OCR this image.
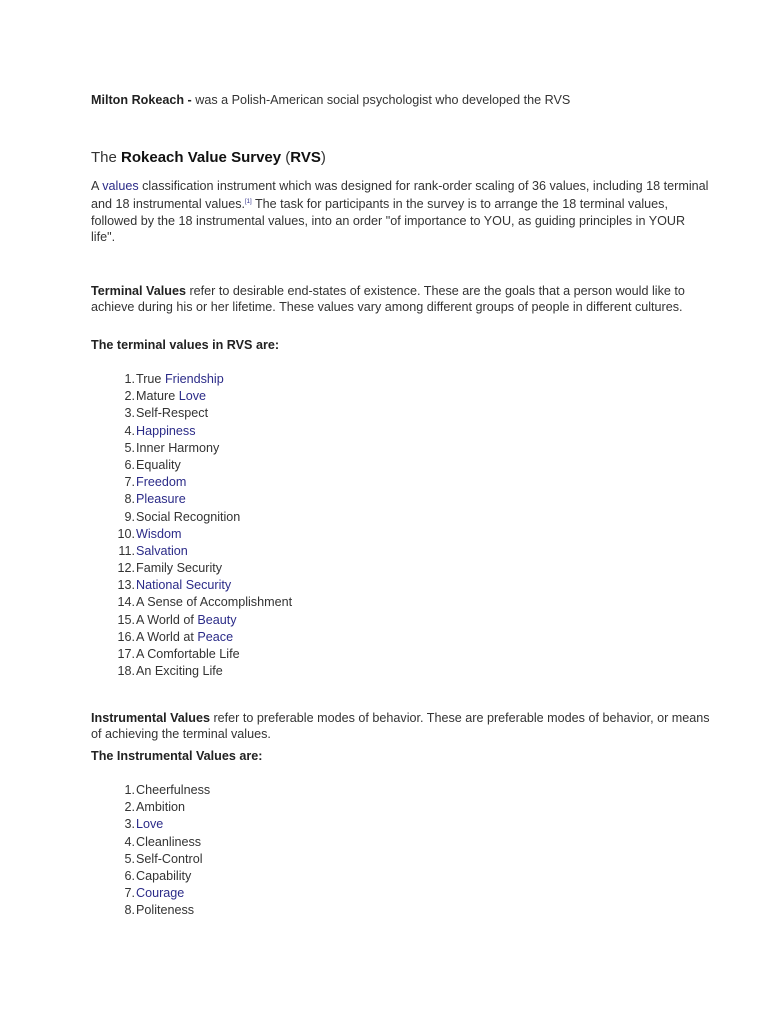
Milton Rokeach - was a Polish-American social psychologist who developed the RVS
The Rokeach Value Survey (RVS)
A values classification instrument which was designed for rank-order scaling of 36 values, including 18 terminal and 18 instrumental values.[1] The task for participants in the survey is to arrange the 18 terminal values, followed by the 18 instrumental values, into an order "of importance to YOU, as guiding principles in YOUR life".
Terminal Values refer to desirable end-states of existence. These are the goals that a person would like to achieve during his or her lifetime. These values vary among different groups of people in different cultures.
The terminal values in RVS are:
1.True Friendship
2.Mature Love
3.Self-Respect
4.Happiness
5.Inner Harmony
6.Equality
7.Freedom
8.Pleasure
9.Social Recognition
10.Wisdom
11.Salvation
12.Family Security
13.National Security
14.A Sense of Accomplishment
15.A World of Beauty
16.A World at Peace
17.A Comfortable Life
18.An Exciting Life
Instrumental Values refer to preferable modes of behavior. These are preferable modes of behavior, or means of achieving the terminal values.
The Instrumental Values are:
1.Cheerfulness
2.Ambition
3.Love
4.Cleanliness
5.Self-Control
6.Capability
7.Courage
8.Politeness
